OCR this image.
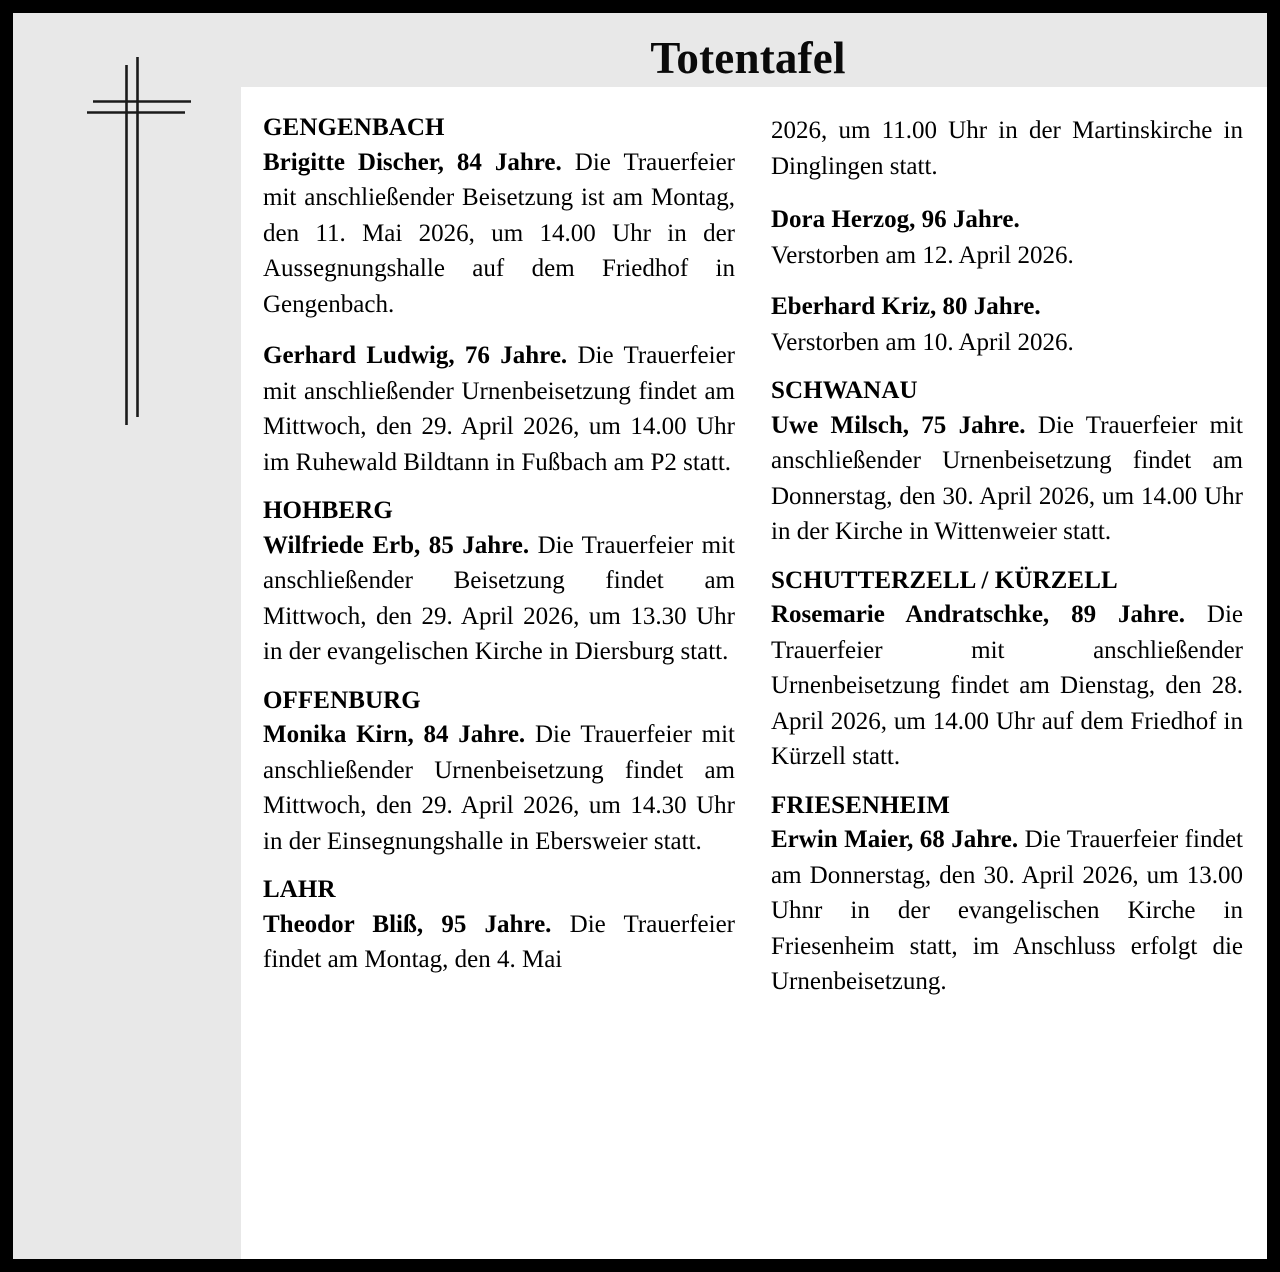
Totentafel
GENGENBACH

Brigitte Discher, 84 Jahre. Die Trauerfeier mit anschließender Beisetzung ist am Montag, den 11. Mai 2026, um 14.00 Uhr in der Aussegnungshalle auf dem Friedhof in Gengenbach.

Gerhard Ludwig, 76 Jahre. Die Trauerfeier mit anschließender Urnenbeisetzung findet am Mittwoch, den 29. April 2026, um 14.00 Uhr im Ruhewald Bildtann in Fußbach am P2 statt.

HOHBERG

Wilfriede Erb, 85 Jahre. Die Trauerfeier mit anschließender Beisetzung findet am Mittwoch, den 29. April 2026, um 13.30 Uhr in der evangelischen Kirche in Diersburg statt.

OFFENBURG

Monika Kirn, 84 Jahre. Die Trauerfeier mit anschließender Urnenbeisetzung findet am Mittwoch, den 29. April 2026, um 14.30 Uhr in der Einsegnungshalle in Ebersweier statt.

LAHR

Theodor Bliß, 95 Jahre. Die Trauerfeier findet am Montag, den 4. Mai

2026, um 11.00 Uhr in der Martinskirche in Dinglingen statt.

Dora Herzog, 96 Jahre.
Verstorben am 12. April 2026.

Eberhard Kriz, 80 Jahre.
Verstorben am 10. April 2026.

SCHWANAU

Uwe Milsch, 75 Jahre. Die Trauerfeier mit anschließender Urnenbeisetzung findet am Donnerstag, den 30. April 2026, um 14.00 Uhr in der Kirche in Wittenweier statt.

SCHUTTERZELL / KÜRZELL

Rosemarie Andratschke, 89 Jahre. Die Trauerfeier mit anschließender Urnenbeisetzung findet am Dienstag, den 28. April 2026, um 14.00 Uhr auf dem Friedhof in Kürzell statt.

FRIESENHEIM

Erwin Maier, 68 Jahre. Die Trauerfeier findet am Donnerstag, den 30. April 2026, um 13.00 Uhnr in der evangelischen Kirche in Friesenheim statt, im Anschluss erfolgt die Urnenbeisetzung.
